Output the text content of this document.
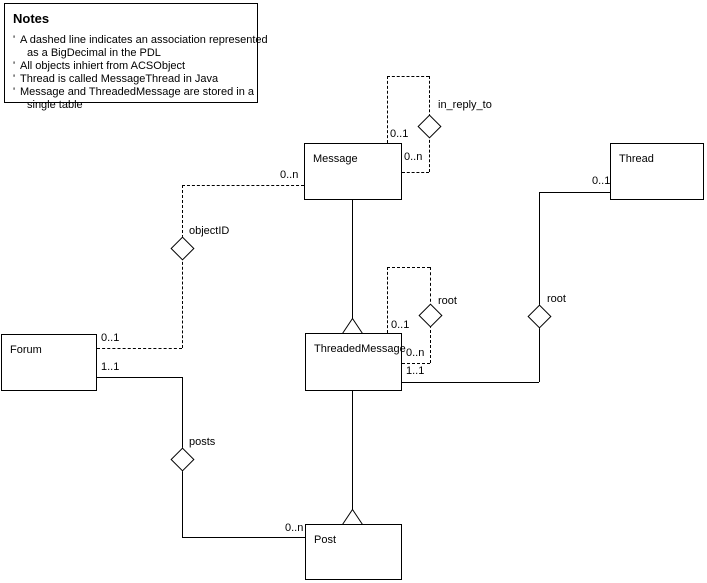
0..1
0..n
in_reply_to
0..n
0..1
objectID
0..1
0..n
root
0..1
1..1
root
1..1
0..n
posts
Message	Thread
ThreadedMessage
Forum
Post
Notes
' A dashed line indicates an association represented
as a BigDecimal in the PDL
' All objects inhiert from ACSObject
' Thread is called MessageThread in Java
' Message and ThreadedMessage are stored in a
single table
